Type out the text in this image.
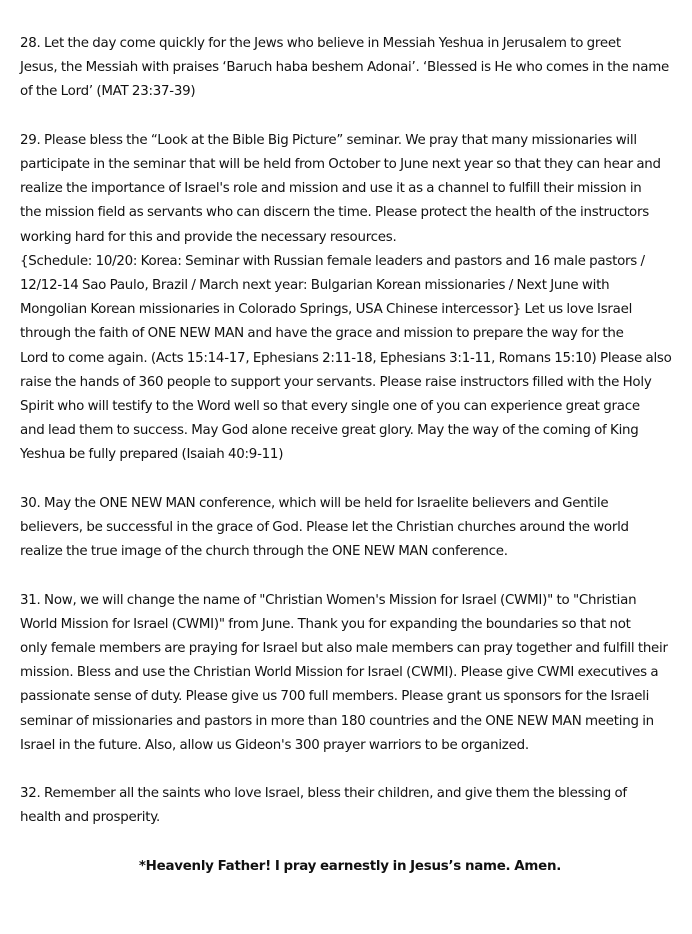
28. Let the day come quickly for the Jews who believe in Messiah Yeshua in Jerusalem to greet
Jesus, the Messiah with praises ‘Baruch haba beshem Adonai’. ‘Blessed is He who comes in the name
of the Lord’ (MAT 23:37-39)

29. Please bless the “Look at the Bible Big Picture” seminar. We pray that many missionaries will
participate in the seminar that will be held from October to June next year so that they can hear and
realize the importance of Israel's role and mission and use it as a channel to fulfill their mission in
the mission field as servants who can discern the time. Please protect the health of the instructors
working hard for this and provide the necessary resources.
{Schedule: 10/20: Korea: Seminar with Russian female leaders and pastors and 16 male pastors /
12/12-14 Sao Paulo, Brazil / March next year: Bulgarian Korean missionaries / Next June with
Mongolian Korean missionaries in Colorado Springs, USA Chinese intercessor} Let us love Israel
through the faith of ONE NEW MAN and have the grace and mission to prepare the way for the
Lord to come again. (Acts 15:14-17, Ephesians 2:11-18, Ephesians 3:1-11, Romans 15:10) Please also
raise the hands of 360 people to support your servants. Please raise instructors filled with the Holy
Spirit who will testify to the Word well so that every single one of you can experience great grace
and lead them to success. May God alone receive great glory. May the way of the coming of King
Yeshua be fully prepared (Isaiah 40:9-11)

30. May the ONE NEW MAN conference, which will be held for Israelite believers and Gentile
believers, be successful in the grace of God. Please let the Christian churches around the world
realize the true image of the church through the ONE NEW MAN conference.

31. Now, we will change the name of "Christian Women's Mission for Israel (CWMI)" to "Christian
World Mission for Israel (CWMI)" from June. Thank you for expanding the boundaries so that not
only female members are praying for Israel but also male members can pray together and fulfill their
mission. Bless and use the Christian World Mission for Israel (CWMI). Please give CWMI executives a
passionate sense of duty. Please give us 700 full members. Please grant us sponsors for the Israeli
seminar of missionaries and pastors in more than 180 countries and the ONE NEW MAN meeting in
Israel in the future. Also, allow us Gideon's 300 prayer warriors to be organized.

32. Remember all the saints who love Israel, bless their children, and give them the blessing of
health and prosperity.

*Heavenly Father! I pray earnestly in Jesus’s name. Amen.
